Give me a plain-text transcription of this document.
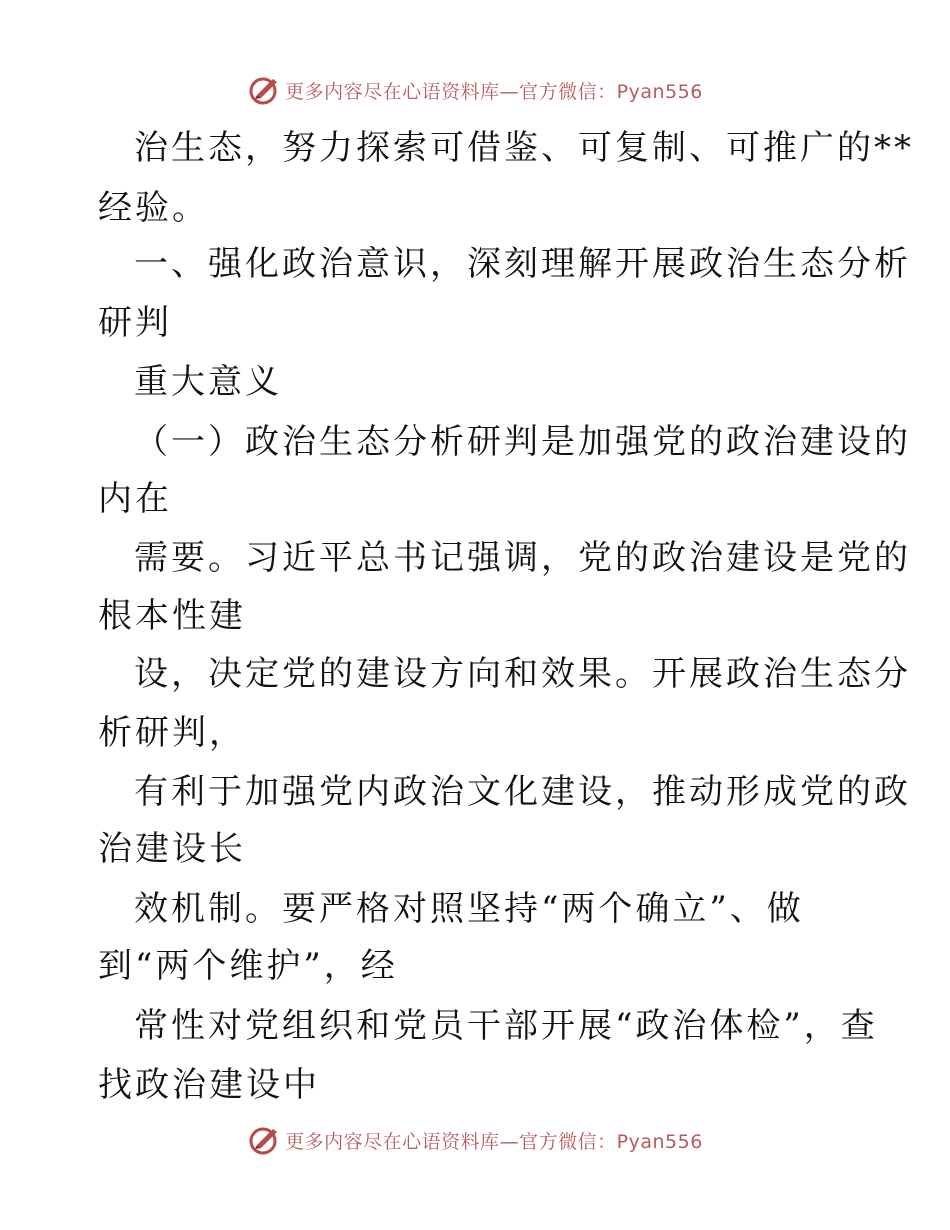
更多内容尽在心语资料库—官方微信：Pyan556
治生态，努力探索可借鉴、可复制、可推广的**
经验。
一、强化政治意识，深刻理解开展政治生态分析
研判
重大意义
（一）政治生态分析研判是加强党的政治建设的
内在
需要。习近平总书记强调，党的政治建设是党的
根本性建
设，决定党的建设方向和效果。开展政治生态分
析研判，
有利于加强党内政治文化建设，推动形成党的政
治建设长
效机制。要严格对照坚持“两个确立”、做
到“两个维护”，经
常性对党组织和党员干部开展“政治体检”，查
找政治建设中
更多内容尽在心语资料库—官方微信：Pyan556
